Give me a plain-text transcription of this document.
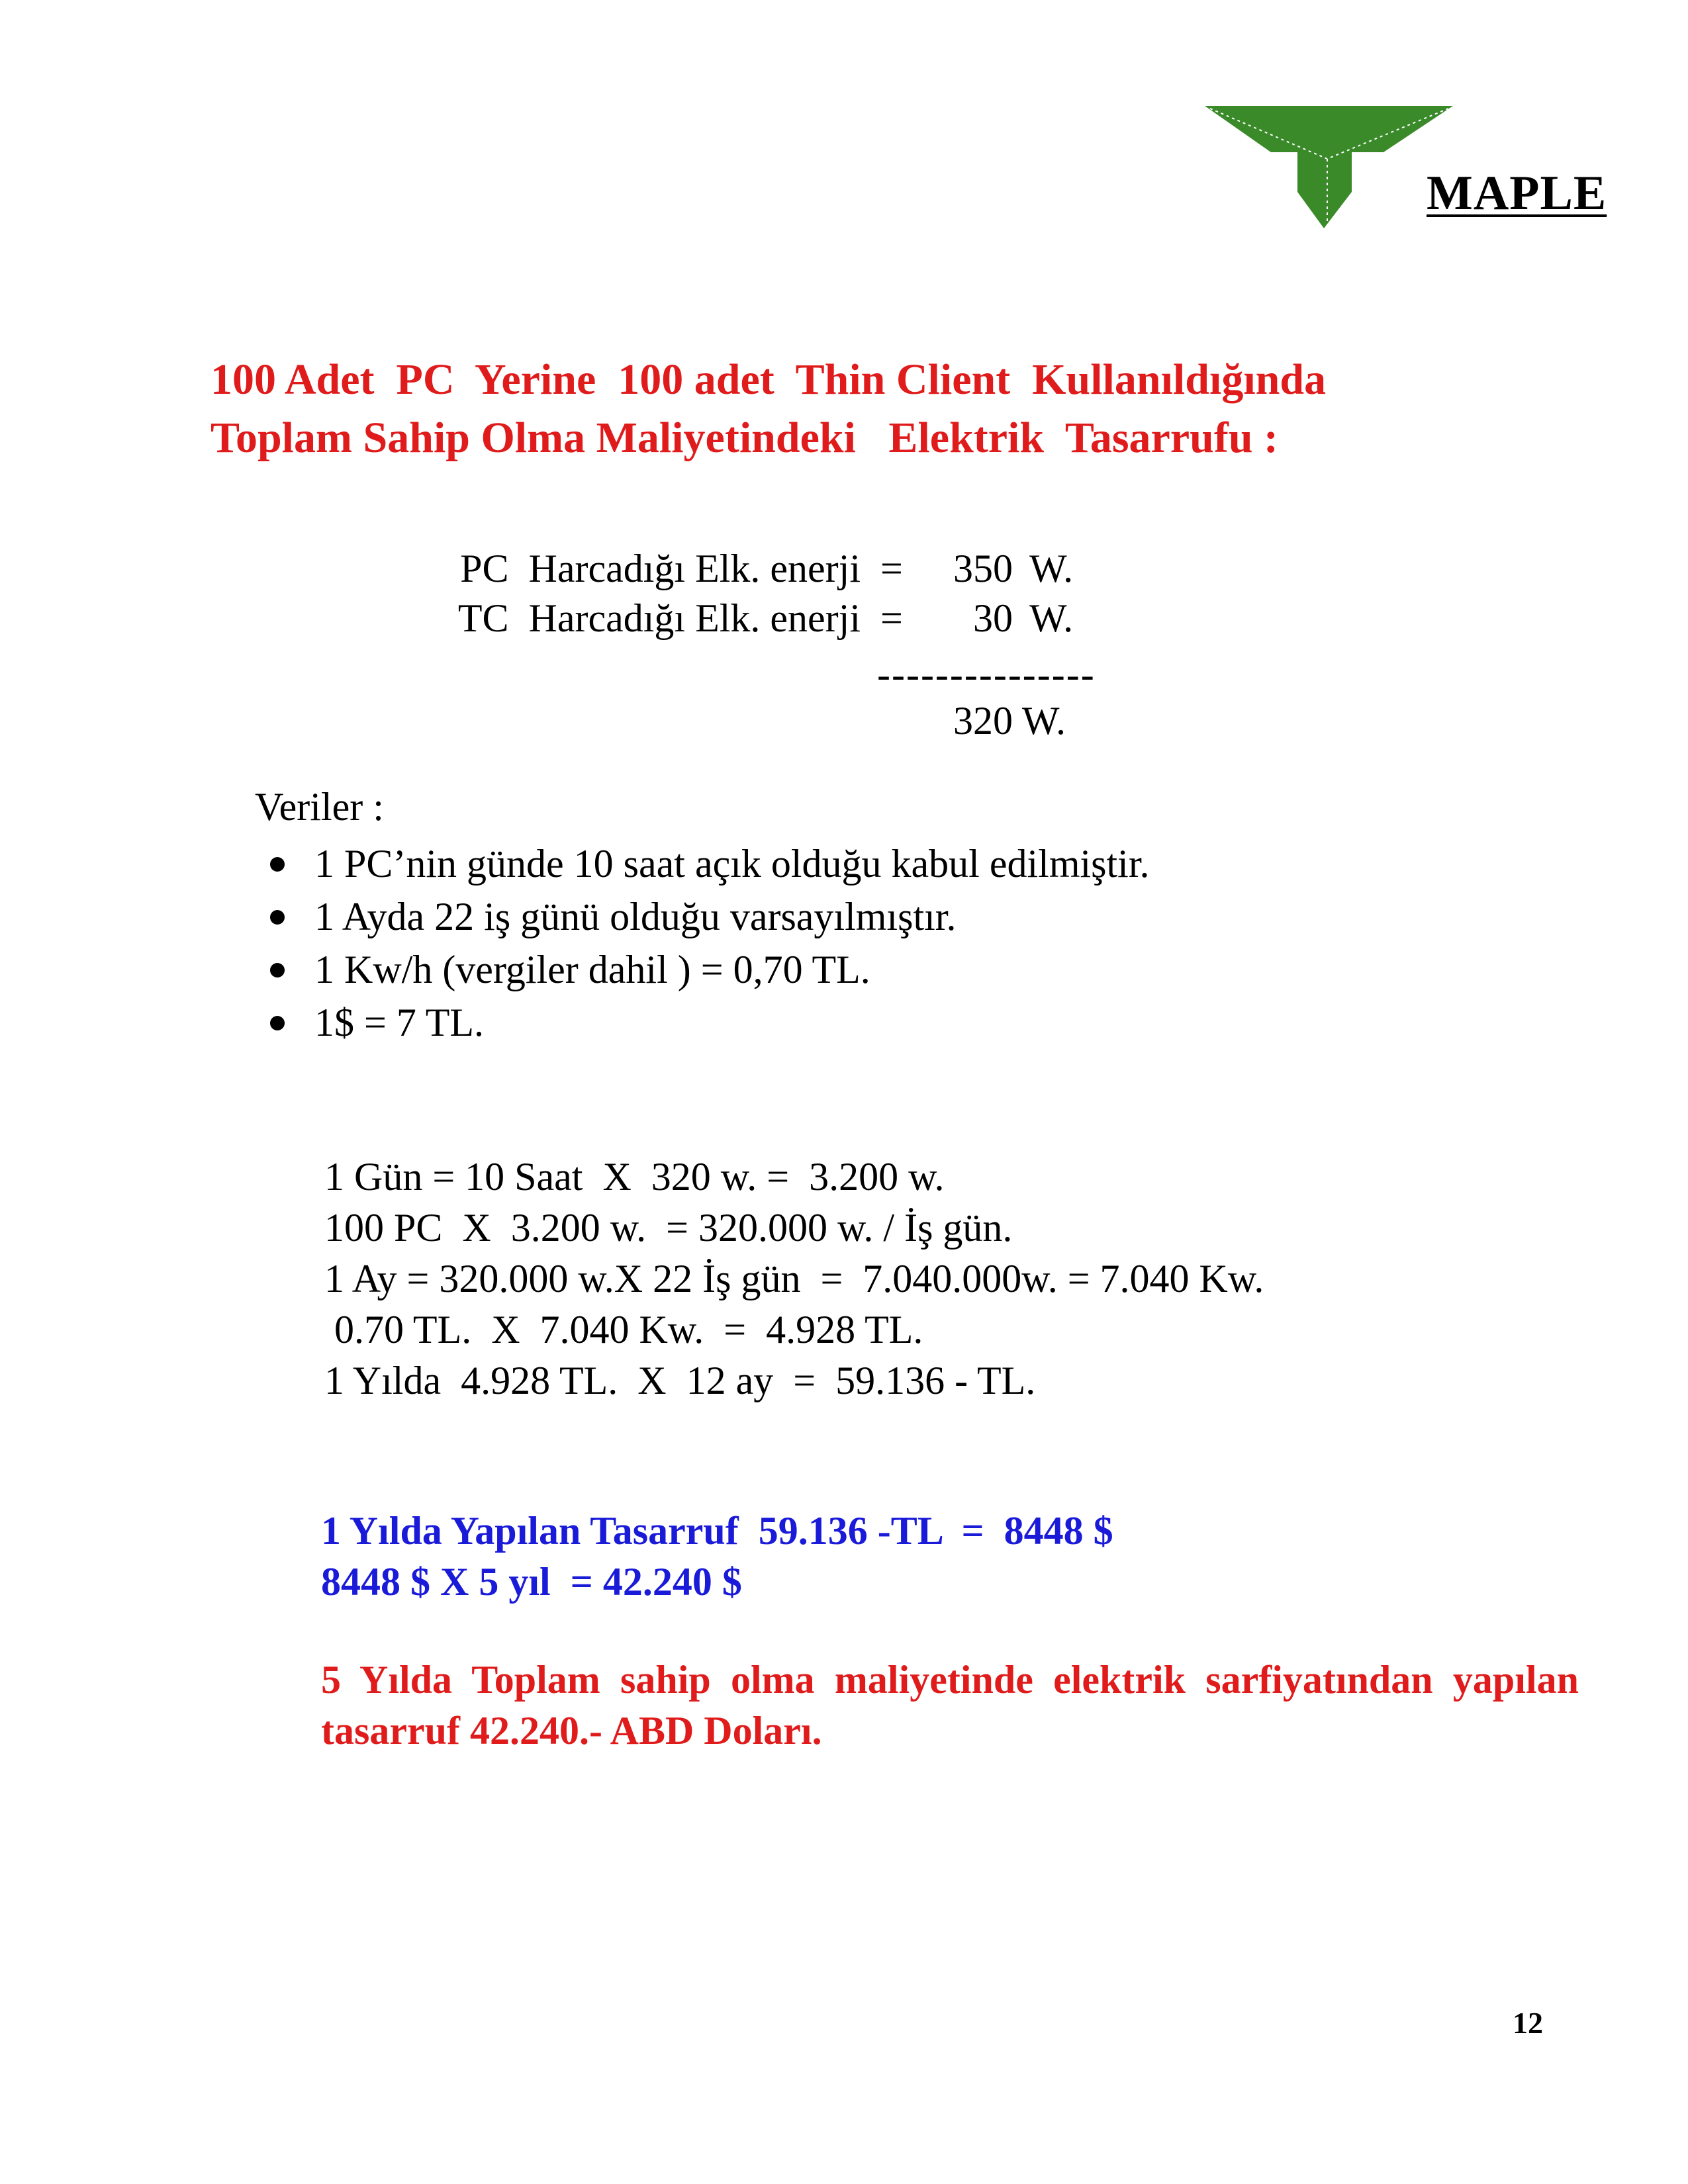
MAPLE
100 Adet  PC  Yerine  100 adet  Thin Client  Kullanıldığında
Toplam Sahip Olma Maliyetindeki   Elektrik  Tasarrufu :
PC  Harcadığı Elk. enerji =	350 W.
TC  Harcadığı Elk. enerji =	30 W.
---------------
320 W.
Veriler :
1 PC’nin günde 10 saat açık olduğu kabul edilmiştir.
1 Ayda 22 iş günü olduğu varsayılmıştır.
1 Kw/h (vergiler dahil ) = 0,70 TL.
1$ = 7 TL.
1 Gün = 10 Saat  X  320 w. =  3.200 w.
100 PC  X  3.200 w.  = 320.000 w. / İş gün.
1 Ay = 320.000 w.X 22 İş gün  =  7.040.000w. = 7.040 Kw.
0.70 TL.  X  7.040 Kw.  =  4.928 TL.
1 Yılda  4.928 TL.  X  12 ay  =  59.136 - TL.
1 Yılda Yapılan Tasarruf  59.136 -TL  =  8448 $
8448 $ X 5 yıl  = 42.240 $
5 Yılda Toplam sahip olma maliyetinde elektrik sarfiyatından yapılan tasarruf 42.240.- ABD Doları.
12
